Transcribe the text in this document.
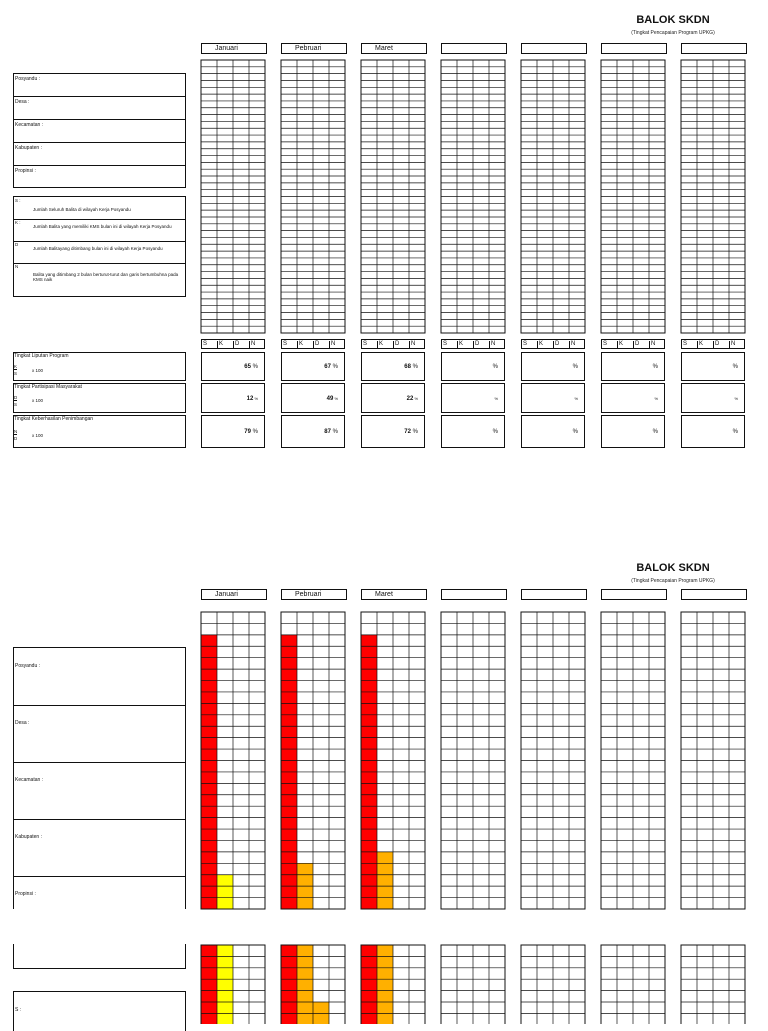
BALOK SKDN
(Tingkat Pencapaian Program UPKG)
Januari	Pebruari	Maret
Posyandu :
Desa :
Kecamatan :
Kabupaten :
Propinsi :
S :
Jumlah Seluruh Balita di wilayah Kerja Posyandu
K :
Jumlah Balita yang memiliki KMS bulan ini di wilayah Kerja Posyandu
D
Jumlah Balitayang ditimbang bulan ini di wilayah Kerja Posyandu
N
Balita yang ditimbang 2 bulan berturut-turut dan garis bertumbuhna pada KMS naik
Tingkat Liputan Program
K
S
x 100
Tingkat Partisipasi Masyarakat
D
S
x 100
Tingkat Keberhasilan Penimbangan
N
D
x 100
S	K	D	N	S	K	D	N	S	K	D	N	S	K	D	N	S	K	D	N	S	K	D	N	S	K	D	N
65 %	67 %	68 %	%	%	%	%
12 %	49 %	22 %	%	%	%	%
79 %	87 %	72 %	%	%	%	%
BALOK SKDN
(Tingkat Pencapaian Program UPKG)
Januari	Pebruari	Maret
Posyandu :
Desa :
Kecamatan :
Kabupaten :
Propinsi :
S :
